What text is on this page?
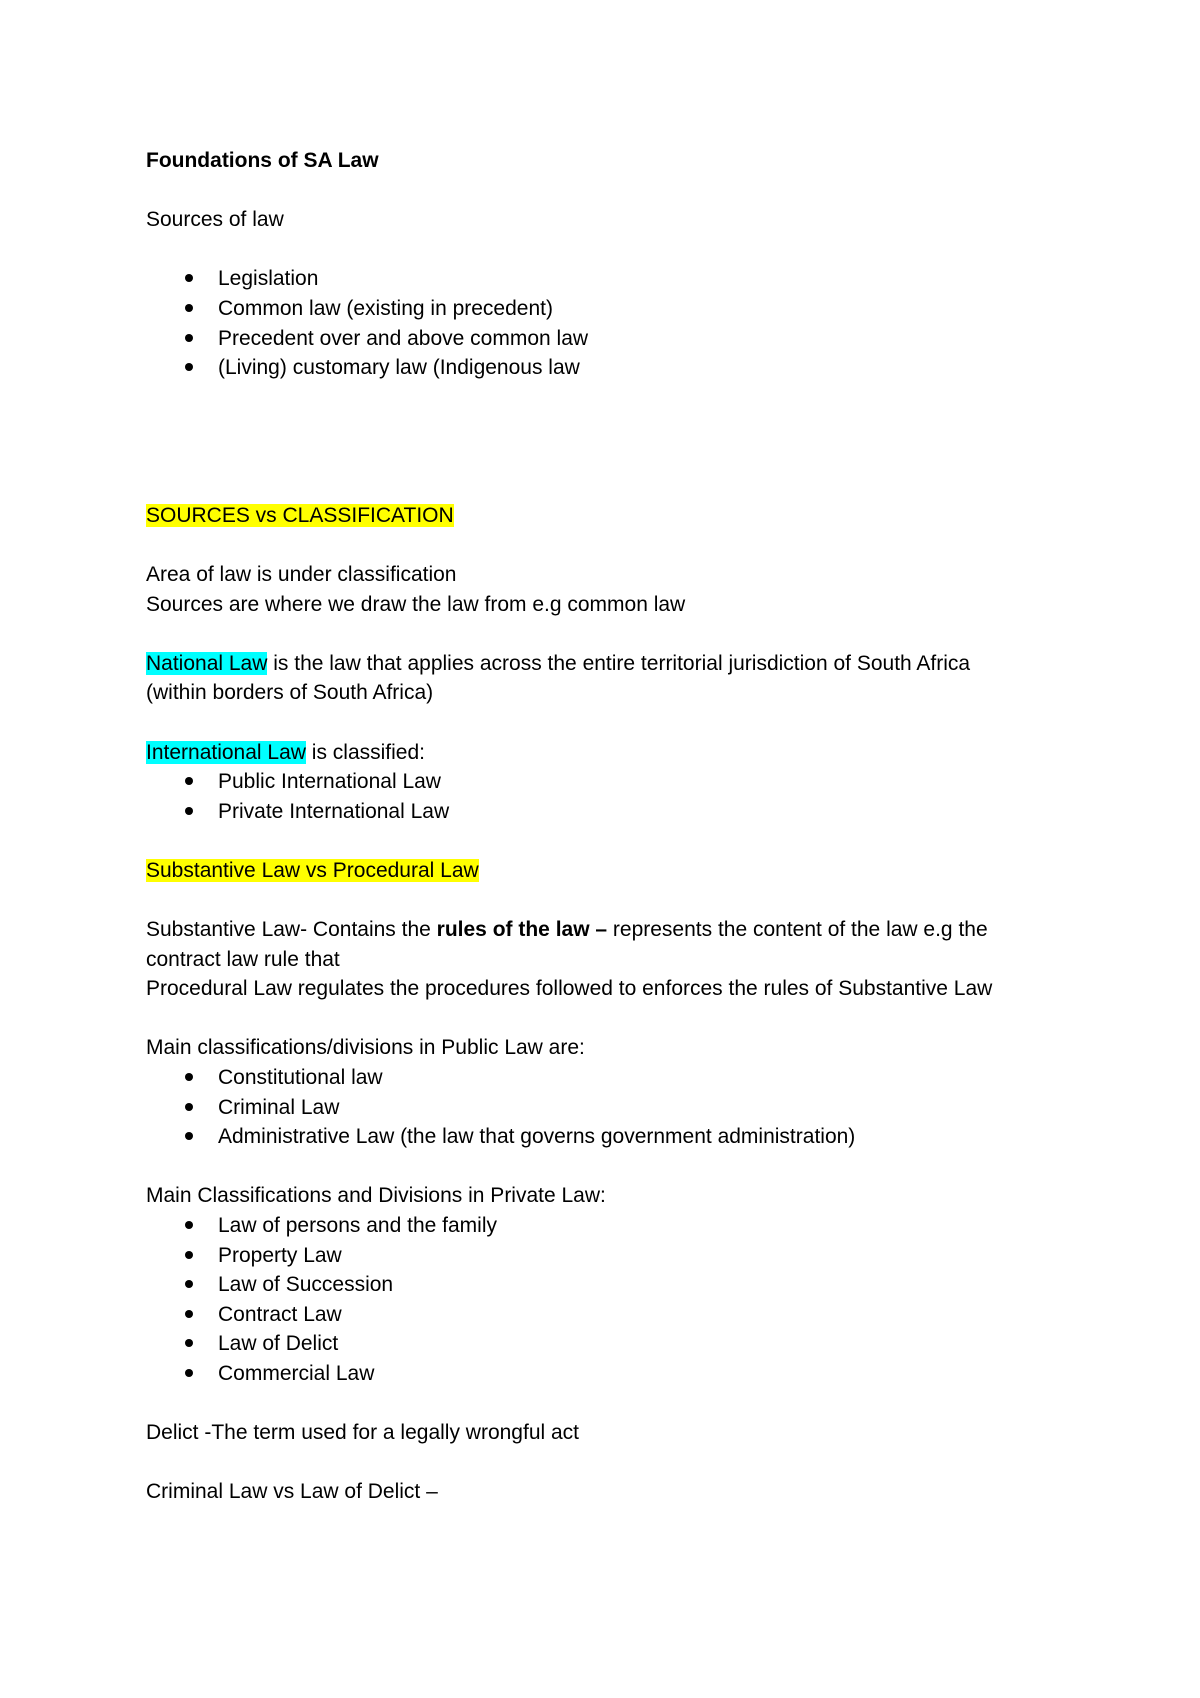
Foundations of SA Law

Sources of law

Legislation
Common law (existing in precedent)
Precedent over and above common law
(Living) customary law (Indigenous law

SOURCES vs CLASSIFICATION

Area of law is under classification

Sources are where we draw the law from e.g common law

National Law is the law that applies across the entire territorial jurisdiction of South Africa

(within borders of South Africa)

International Law is classified:

Public International Law
Private International Law

Substantive Law vs Procedural Law

Substantive Law- Contains the rules of the law – represents the content of the law e.g the

contract law rule that

Procedural Law regulates the procedures followed to enforces the rules of Substantive Law

Main classifications/divisions in Public Law are:

Constitutional law
Criminal Law
Administrative Law (the law that governs government administration)

Main Classifications and Divisions in Private Law:

Law of persons and the family
Property Law
Law of Succession
Contract Law
Law of Delict
Commercial Law

Delict -The term used for a legally wrongful act

Criminal Law vs Law of Delict –
